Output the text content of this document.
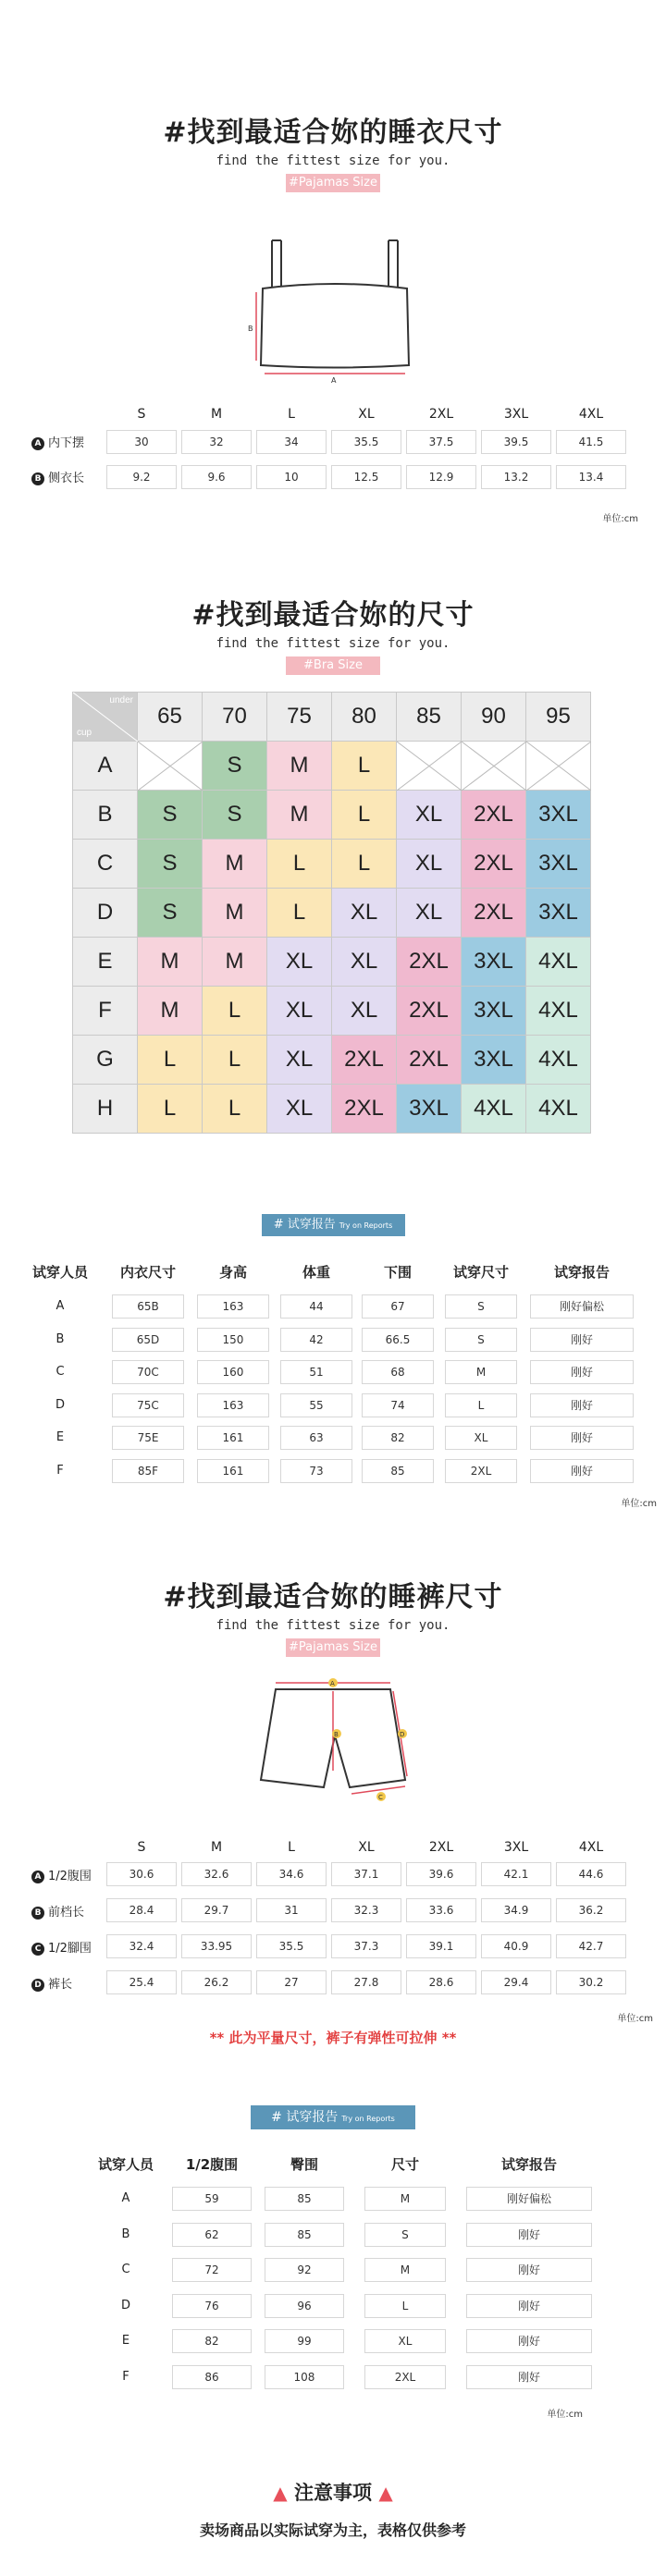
#找到最适合妳的睡衣尺寸
find the fittest size for you.
#Pajamas Size
B
A
S	M	L	XL	2XL	3XL	4XL
A 内下摆	30	32	34	35.5	37.5	39.5	41.5
B 侧衣长	9.2	9.6	10	12.5	12.9	13.2	13.4
单位:cm
#找到最适合妳的尺寸
find the fittest size for you.
#Bra Size
under
cup	65	70	75	80	85	90	95
A		S	M	L	

B	S	S	M	L	XL	2XL	3XL
C	S	M	L	L	XL	2XL	3XL
D	S	M	L	XL	XL	2XL	3XL
E	M	M	XL	XL	2XL	3XL	4XL
F	M	L	XL	XL	2XL	3XL	4XL
G	L	L	XL	2XL	2XL	3XL	4XL
H	L	L	XL	2XL	3XL	4XL	4XL
# 试穿报告 Try on Reports
试穿人员	内衣尺寸	身高	体重	下围	试穿尺寸	试穿报告
A	65B	163	44	67	S	刚好偏松
B	65D	150	42	66.5	S	刚好
C	70C	160	51	68	M	刚好
D	75C	163	55	74	L	刚好
E	75E	161	63	82	XL	刚好
F	85F	161	73	85	2XL	刚好
单位:cm
#找到最适合妳的睡裤尺寸
find the fittest size for you.
#Pajamas Size
A
B
C
D
S	M	L	XL	2XL	3XL	4XL
A 1/2腹围	30.6	32.6	34.6	37.1	39.6	42.1	44.6
B 前档长	28.4	29.7	31	32.3	33.6	34.9	36.2
C 1/2腳围	32.4	33.95	35.5	37.3	39.1	40.9	42.7
D 裤长	25.4	26.2	27	27.8	28.6	29.4	30.2
单位:cm
** 此为平量尺寸，裤子有弹性可拉伸 **
# 试穿报告 Try on Reports
试穿人员	1/2腹围	臀围	尺寸	试穿报告
A	59	85	M	刚好偏松
B	62	85	S	刚好
C	72	92	M	刚好
D	76	96	L	刚好
E	82	99	XL	刚好
F	86	108	2XL	刚好
单位:cm
▲ 注意事项 ▲
卖场商品以实际试穿为主，表格仅供参考
